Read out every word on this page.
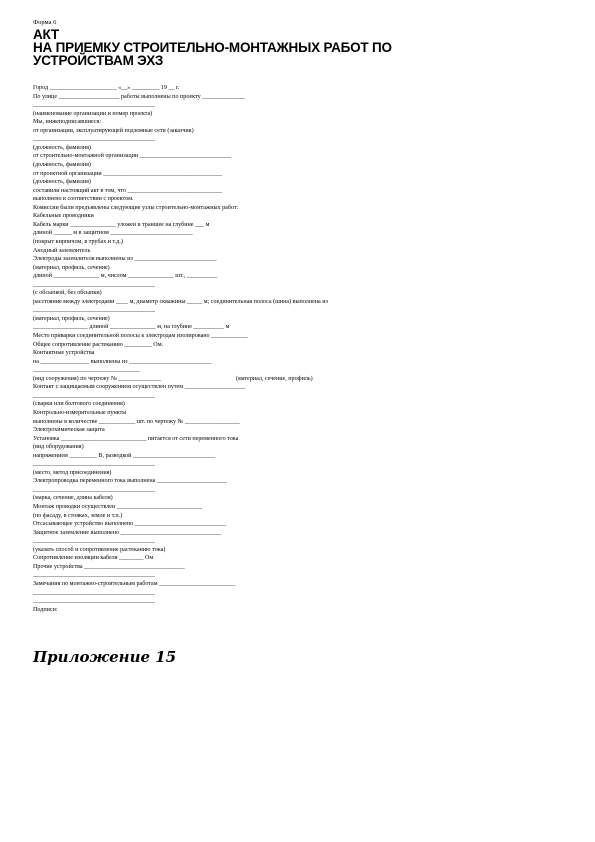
Форма 6
АКТ
НА ПРИЕМКУ СТРОИТЕЛЬНО-МОНТАЖНЫХ РАБОТ ПО
УСТРОЙСТВАМ ЭХЗ
Город ______________________ «__» _________ 19 __ г.
По улице ____________________ работы выполнены по проекту ______________
________________________________________
(наименование организации и номер проекта)
Мы, нижеподписавшиеся:
от организации, эксплуатирующей подземные сети (заказчик)
________________________________________
(должность, фамилия)
от строительно-монтажной организации ______________________________
(должность, фамилия)
от проектной организации _______________________________________
(должность, фамилия)
составили настоящий акт в том, что _______________________________
выполнено в соответствии с проектом.
Комиссии были предъявлены следующие узлы строительно-монтажных работ:
Кабельные проводники
Кабель марки _______________ уложен в траншее на глубине ___ м
длиной ______ м в защитном ___________________________
(покрыт кирпичом, в трубах и т.д.)
Анодный заземлитель
Электроды заземлителя выполнены из ___________________________
(материал, профиль, сечение)
длиной _______________ м, числом _______________ шт., __________
________________________________________
(с обсыпкой, без обсыпки)
расстояние между электродами ____ м, диаметр скважины _____ м; соединительная полоса (шина) выполнена из
________________________________________
(материал, профиль, сечение)
__________________ длиной _______________ м, на глубине __________ м
Место приварки соединительной полосы к электродам изолировано ____________
Общее сопротивление растеканию _________ Ом.
Контактные устройства
на ________________ выполнены из ___________________________
___________________________________
(вид сооружения) по чертежу № ______________
Контакт с защищаемым сооружением осуществлен путем ____________________
________________________________________
(сварки или болтового соединения)
Контрольно-измерительные пункты
выполнены в количестве ____________ шт. по чертежу № __________________
Электрохимическая защита
Установка ____________________________ питается от сети переменного тока
(вид оборудования)
напряжением _________ В, разводкой ___________________________
________________________________________
(место, метод присоединения)
Электропроводка переменного тока выполнена _______________________
________________________________________
(марка, сечение, длина кабеля)
Монтаж проводки осуществлен ____________________________
(по фасаду, в стояках, земле и т.п.)
Отсасывающее устройство выполнено ______________________________
Защитное заземление выполнено _________________________________
________________________________________
(указать способ и сопротивление растеканию тока)
Сопротивление изоляции кабеля ________ Ом
Прочие устройства _________________________________
________________________________________
Замечания по монтажно-строительным работам _________________________
________________________________________
________________________________________
Подписи:
(материал, сечение, профиль)
Приложение 15
